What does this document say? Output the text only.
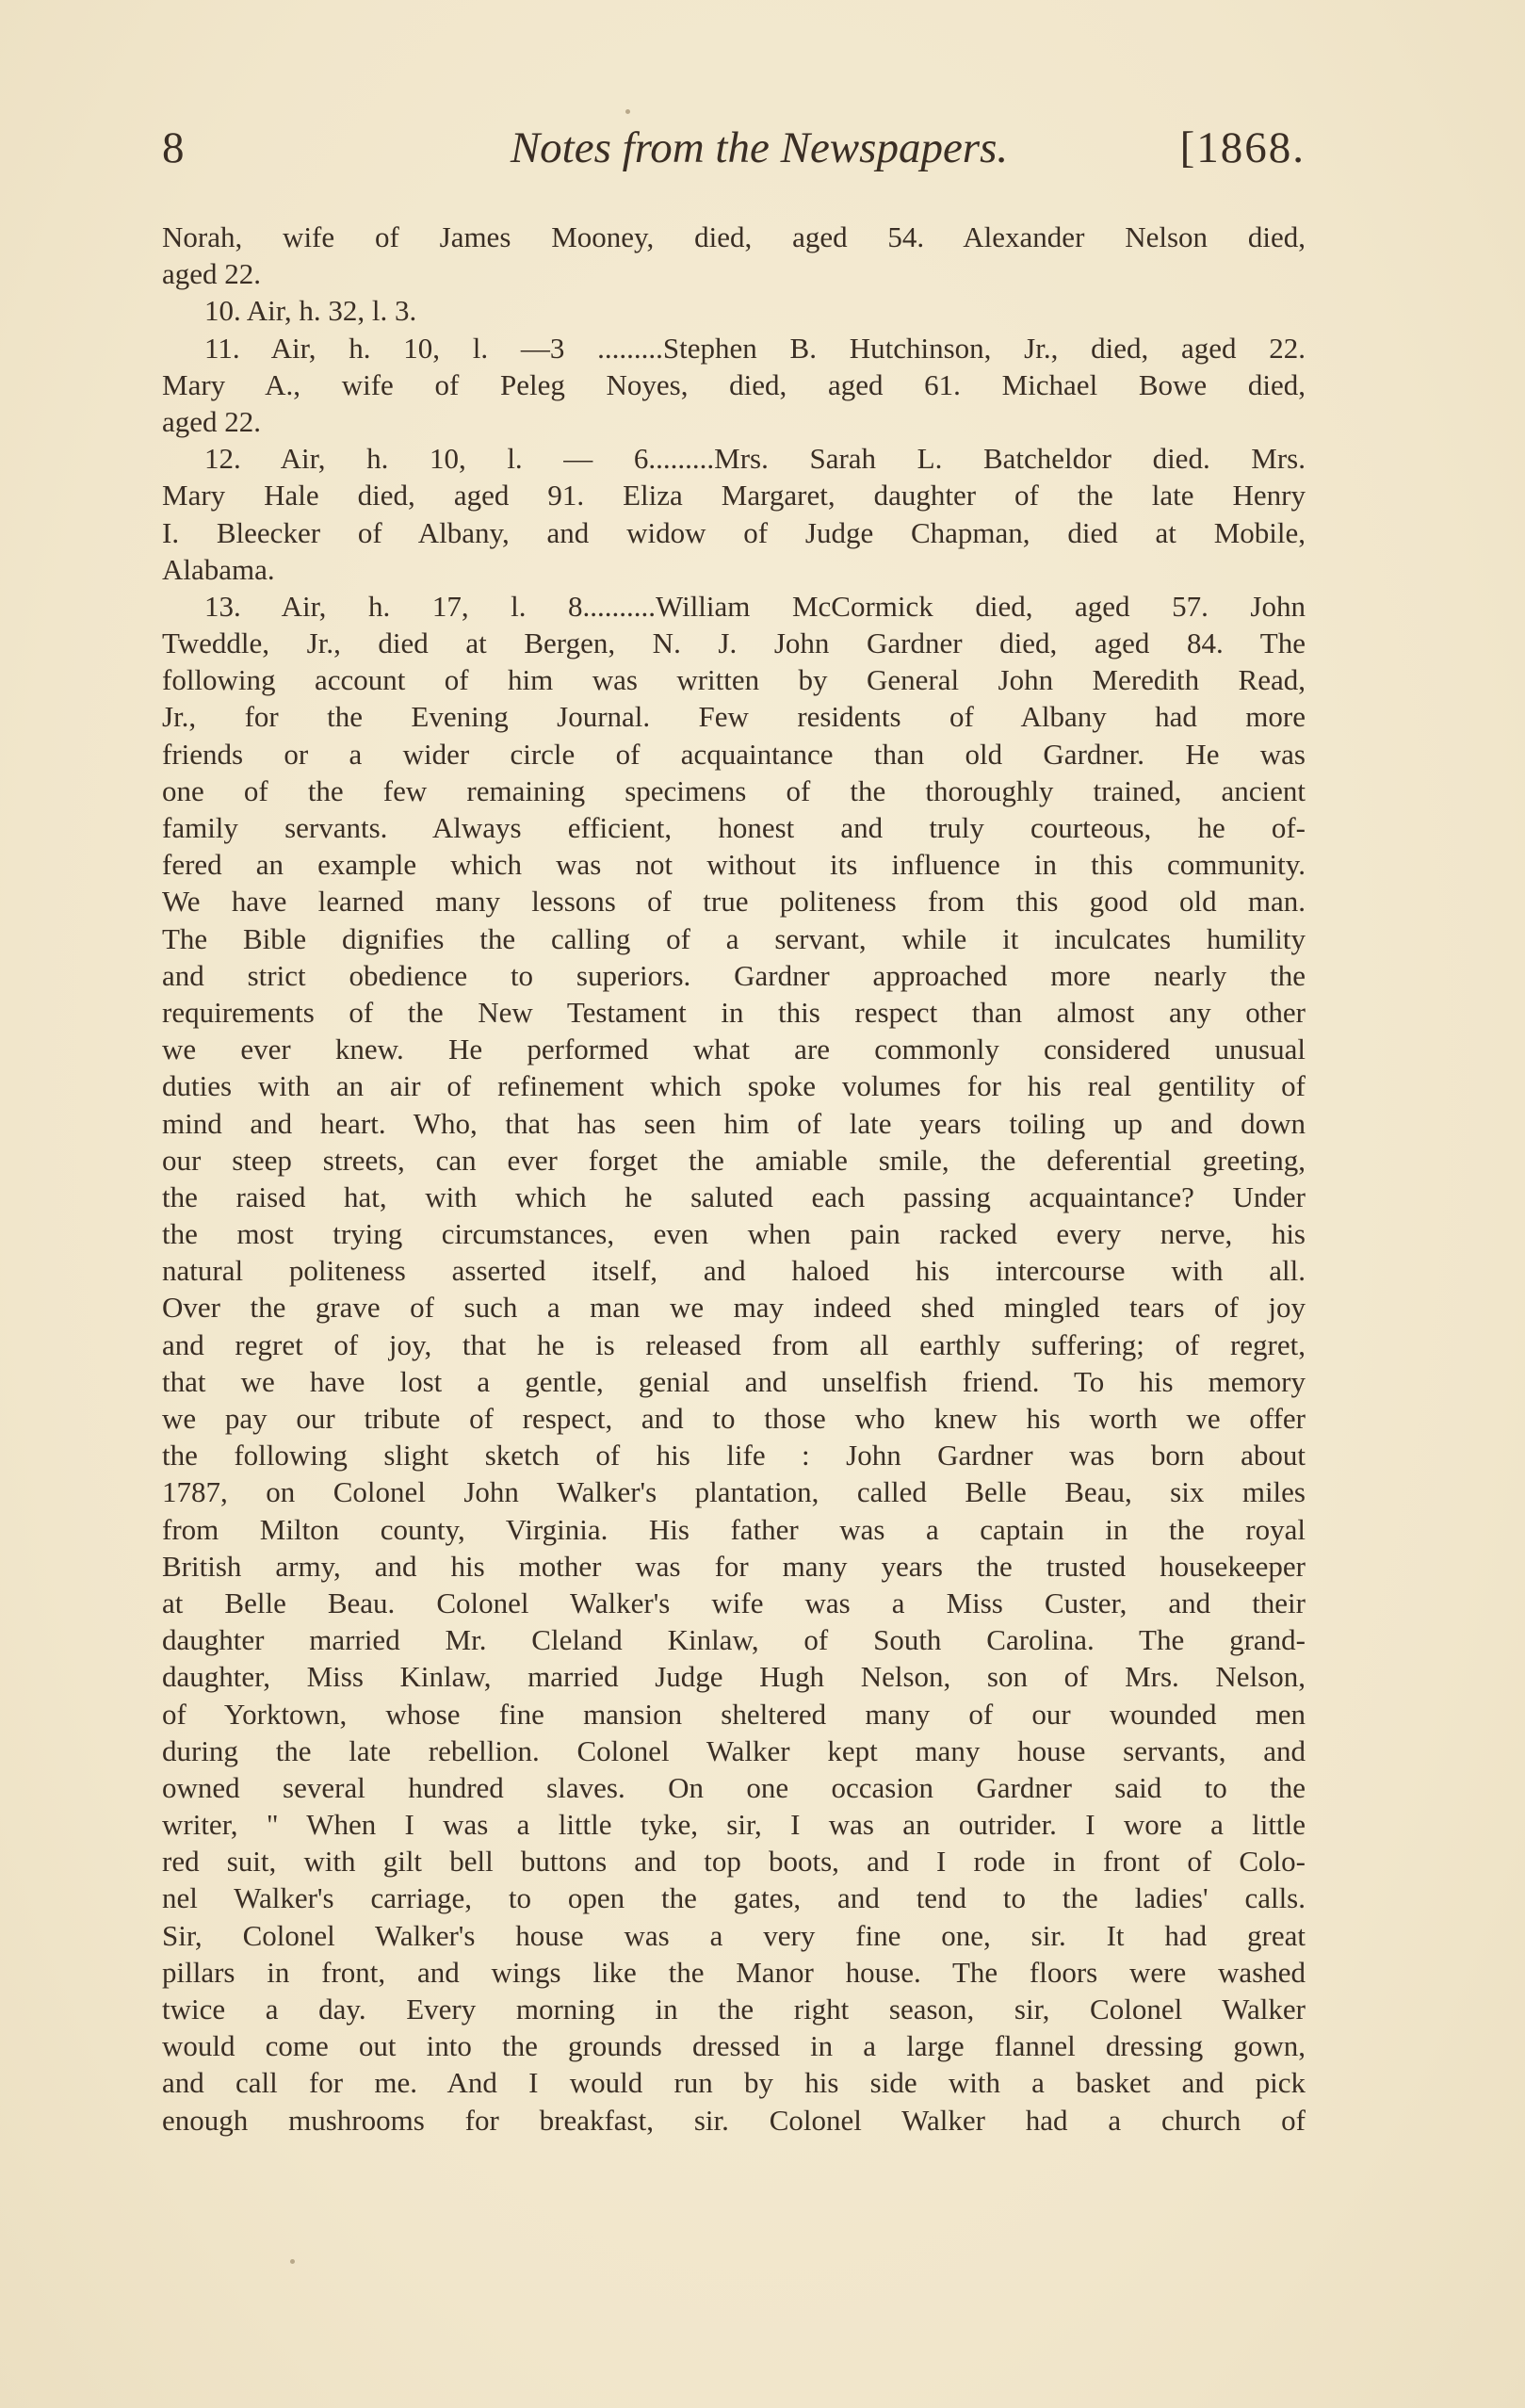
8	Notes from the Newspapers.	[1868.
Norah, wife of James Mooney, died, aged 54. Alexander Nelson died,
aged 22.
10. Air, h. 32, l. 3.
11. Air, h. 10, l. —3 .........Stephen B. Hutchinson, Jr., died, aged 22.
Mary A., wife of Peleg Noyes, died, aged 61. Michael Bowe died,
aged 22.
12. Air, h. 10, l. — 6.........Mrs. Sarah L. Batcheldor died. Mrs.
Mary Hale died, aged 91. Eliza Margaret, daughter of the late Henry
I. Bleecker of Albany, and widow of Judge Chapman, died at Mobile,
Alabama.
13. Air, h. 17, l. 8..........William McCormick died, aged 57. John
Tweddle, Jr., died at Bergen, N. J. John Gardner died, aged 84. The
following account of him was written by General John Meredith Read,
Jr., for the Evening Journal. Few residents of Albany had more
friends or a wider circle of acquaintance than old Gardner. He was
one of the few remaining specimens of the thoroughly trained, ancient
family servants. Always efficient, honest and truly courteous, he of-
fered an example which was not without its influence in this community.
We have learned many lessons of true politeness from this good old man.
The Bible dignifies the calling of a servant, while it inculcates humility
and strict obedience to superiors. Gardner approached more nearly the
requirements of the New Testament in this respect than almost any other
we ever knew. He performed what are commonly considered unusual
duties with an air of refinement which spoke volumes for his real gentility of
mind and heart. Who, that has seen him of late years toiling up and down
our steep streets, can ever forget the amiable smile, the deferential greeting,
the raised hat, with which he saluted each passing acquaintance? Under
the most trying circumstances, even when pain racked every nerve, his
natural politeness asserted itself, and haloed his intercourse with all.
Over the grave of such a man we may indeed shed mingled tears of joy
and regret of joy, that he is released from all earthly suffering; of regret,
that we have lost a gentle, genial and unselfish friend. To his memory
we pay our tribute of respect, and to those who knew his worth we offer
the following slight sketch of his life : John Gardner was born about
1787, on Colonel John Walker's plantation, called Belle Beau, six miles
from Milton county, Virginia. His father was a captain in the royal
British army, and his mother was for many years the trusted housekeeper
at Belle Beau. Colonel Walker's wife was a Miss Custer, and their
daughter married Mr. Cleland Kinlaw, of South Carolina. The grand-
daughter, Miss Kinlaw, married Judge Hugh Nelson, son of Mrs. Nelson,
of Yorktown, whose fine mansion sheltered many of our wounded men
during the late rebellion. Colonel Walker kept many house servants, and
owned several hundred slaves. On one occasion Gardner said to the
writer, " When I was a little tyke, sir, I was an outrider. I wore a little
red suit, with gilt bell buttons and top boots, and I rode in front of Colo-
nel Walker's carriage, to open the gates, and tend to the ladies' calls.
Sir, Colonel Walker's house was a very fine one, sir. It had great
pillars in front, and wings like the Manor house. The floors were washed
twice a day. Every morning in the right season, sir, Colonel Walker
would come out into the grounds dressed in a large flannel dressing gown,
and call for me. And I would run by his side with a basket and pick
enough mushrooms for breakfast, sir. Colonel Walker had a church of
